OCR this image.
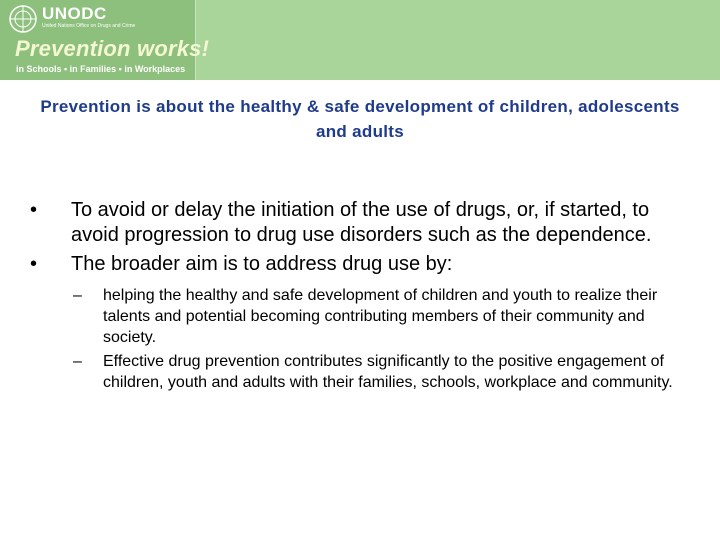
UNODC
United Nations Office on Drugs and Crime
Prevention works!
in Schools • in Families • in Workplaces
Prevention is about the healthy & safe development of children, adolescents and adults
• To avoid or delay the initiation of the use of drugs, or, if started, to avoid progression to drug use disorders such as the dependence.
• The broader aim is to address drug use by:
– helping the healthy and safe development of children and youth to realize their talents and potential becoming contributing members of their community and society.
– Effective drug prevention contributes significantly to the positive engagement of children, youth and adults with their families, schools, workplace and community.
